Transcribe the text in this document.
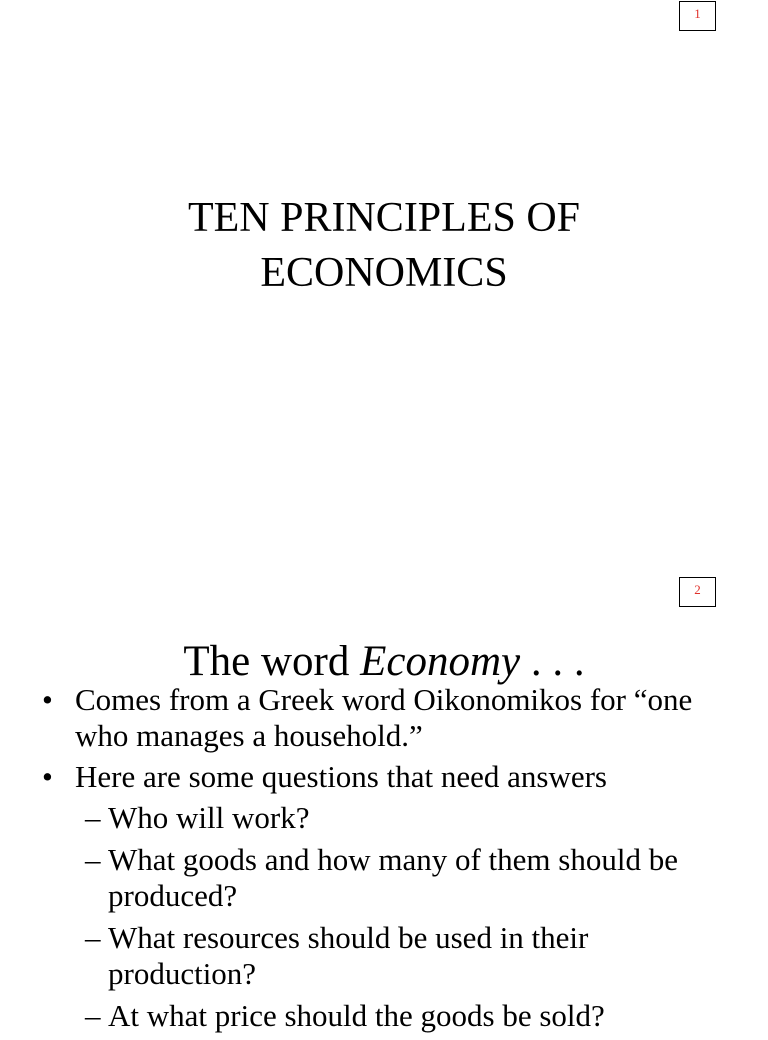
1
TEN PRINCIPLES OF
ECONOMICS
2
The word Economy . . .
• Comes from a Greek word Oikonomikos for “one who manages a household.”
• Here are some questions that need answers
– Who will work?
– What goods and how many of them should be produced?
– What resources should be used in their production?
– At what price should the goods be sold?
